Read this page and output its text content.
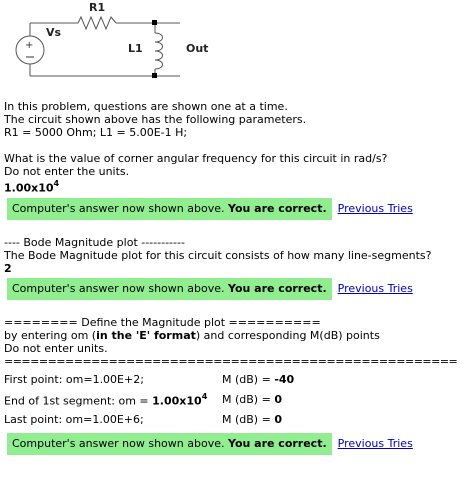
+
R1
Vs
L1	Out
In this problem, questions are shown one at a time.
The circuit shown above has the following parameters.
R1 = 5000 Ohm; L1 = 5.00E-1 H;
What is the value of corner angular frequency for this circuit in rad/s?
Do not enter the units.
$1.00x10^4$
Computer's answer now shown above. You are correct.	Previous Tries
---- Bode Magnitude plot -----------
The Bode Magnitude plot for this circuit consists of how many line-segments?
2
Computer's answer now shown above. You are correct.	Previous Tries
======== Define the Magnitude plot ==========
by entering om (in the 'E' format) and corresponding M(dB) points
Do not enter units.
====================================================
First point: om=1.00E+2;	M (dB) = -40
End of 1st segment: om = $1.00x10^4$	M (dB) = 0
Last point: om=1.00E+6;	M (dB) = 0
Computer's answer now shown above. You are correct.	Previous Tries
